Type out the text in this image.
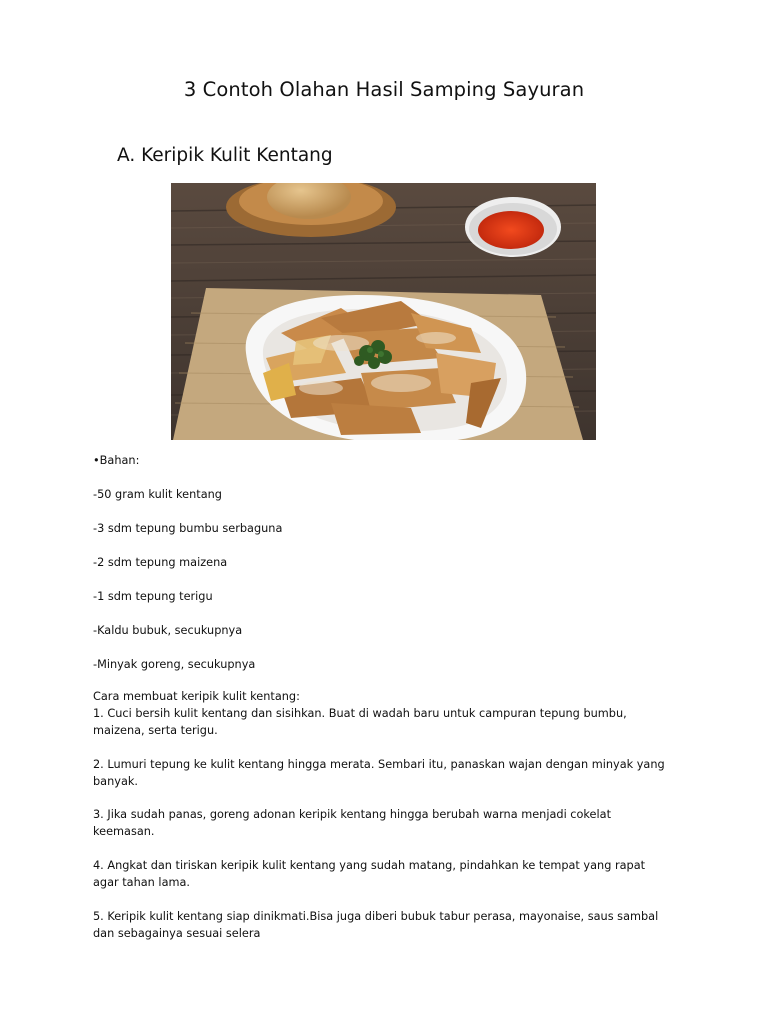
3 Contoh Olahan Hasil Samping Sayuran
A. Keripik Kulit Kentang
•Bahan:
-50 gram kulit kentang
-3 sdm tepung bumbu serbaguna
-2 sdm tepung maizena
-1 sdm tepung terigu
-Kaldu bubuk, secukupnya
-Minyak goreng, secukupnya
Cara membuat keripik kulit kentang:
1. Cuci bersih kulit kentang dan sisihkan. Buat di wadah baru untuk campuran tepung bumbu,
maizena, serta terigu.
2. Lumuri tepung ke kulit kentang hingga merata. Sembari itu, panaskan wajan dengan minyak yang
banyak.
3. Jika sudah panas, goreng adonan keripik kentang hingga berubah warna menjadi cokelat
keemasan.
4. Angkat dan tiriskan keripik kulit kentang yang sudah matang, pindahkan ke tempat yang rapat
agar tahan lama.
5. Keripik kulit kentang siap dinikmati.Bisa juga diberi bubuk tabur perasa, mayonaise, saus sambal
dan sebagainya sesuai selera
